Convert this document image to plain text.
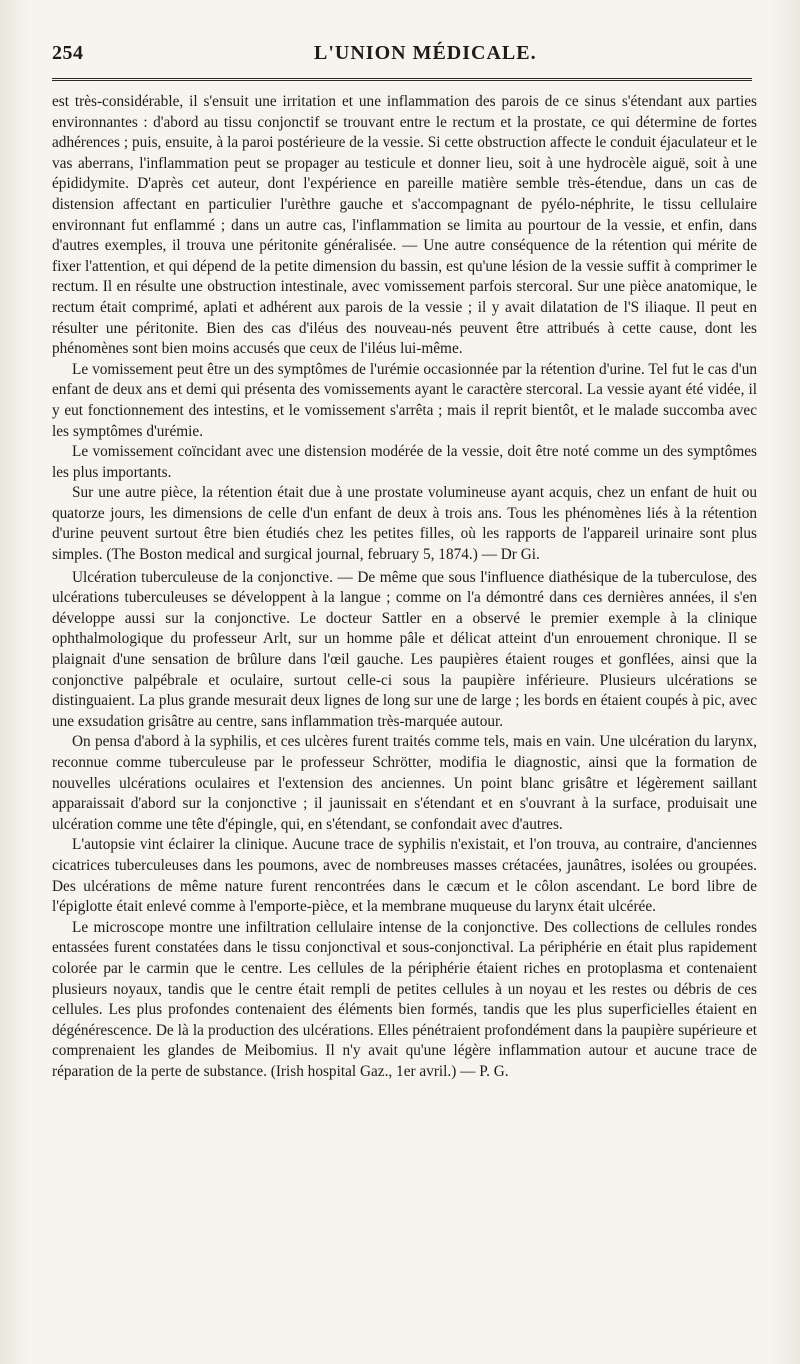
254	L'UNION MÉDICALE.

est très-considérable, il s'ensuit une irritation et une inflammation des parois de ce sinus s'étendant aux parties environnantes : d'abord au tissu conjonctif se trouvant entre le rectum et la prostate, ce qui détermine de fortes adhérences ; puis, ensuite, à la paroi postérieure de la vessie. Si cette obstruction affecte le conduit éjaculateur et le vas aberrans, l'inflammation peut se propager au testicule et donner lieu, soit à une hydrocèle aiguë, soit à une épididymite. D'après cet auteur, dont l'expérience en pareille matière semble très-étendue, dans un cas de distension affectant en particulier l'urèthre gauche et s'accompagnant de pyélo-néphrite, le tissu cellulaire environnant fut enflammé ; dans un autre cas, l'inflammation se limita au pourtour de la vessie, et enfin, dans d'autres exemples, il trouva une péritonite généralisée. — Une autre conséquence de la rétention qui mérite de fixer l'attention, et qui dépend de la petite dimension du bassin, est qu'une lésion de la vessie suffit à comprimer le rectum. Il en résulte une obstruction intestinale, avec vomissement parfois stercoral. Sur une pièce anatomique, le rectum était comprimé, aplati et adhérent aux parois de la vessie ; il y avait dilatation de l'S iliaque. Il peut en résulter une péritonite. Bien des cas d'iléus des nouveau-nés peuvent être attribués à cette cause, dont les phénomènes sont bien moins accusés que ceux de l'iléus lui-même.

Le vomissement peut être un des symptômes de l'urémie occasionnée par la rétention d'urine. Tel fut le cas d'un enfant de deux ans et demi qui présenta des vomissements ayant le caractère stercoral. La vessie ayant été vidée, il y eut fonctionnement des intestins, et le vomissement s'arrêta ; mais il reprit bientôt, et le malade succomba avec les symptômes d'urémie.

Le vomissement coïncidant avec une distension modérée de la vessie, doit être noté comme un des symptômes les plus importants.

Sur une autre pièce, la rétention était due à une prostate volumineuse ayant acquis, chez un enfant de huit ou quatorze jours, les dimensions de celle d'un enfant de deux à trois ans. Tous les phénomènes liés à la rétention d'urine peuvent surtout être bien étudiés chez les petites filles, où les rapports de l'appareil urinaire sont plus simples. (The Boston medical and surgical journal, february 5, 1874.) — Dr Gi.

Ulcération tuberculeuse de la conjonctive. — De même que sous l'influence diathésique de la tuberculose, des ulcérations tuberculeuses se développent à la langue ; comme on l'a démontré dans ces dernières années, il s'en développe aussi sur la conjonctive. Le docteur Sattler en a observé le premier exemple à la clinique ophthalmologique du professeur Arlt, sur un homme pâle et délicat atteint d'un enrouement chronique. Il se plaignait d'une sensation de brûlure dans l'œil gauche. Les paupières étaient rouges et gonflées, ainsi que la conjonctive palpébrale et oculaire, surtout celle-ci sous la paupière inférieure. Plusieurs ulcérations se distinguaient. La plus grande mesurait deux lignes de long sur une de large ; les bords en étaient coupés à pic, avec une exsudation grisâtre au centre, sans inflammation très-marquée autour.

On pensa d'abord à la syphilis, et ces ulcères furent traités comme tels, mais en vain. Une ulcération du larynx, reconnue comme tuberculeuse par le professeur Schrötter, modifia le diagnostic, ainsi que la formation de nouvelles ulcérations oculaires et l'extension des anciennes. Un point blanc grisâtre et légèrement saillant apparaissait d'abord sur la conjonctive ; il jaunissait en s'étendant et en s'ouvrant à la surface, produisait une ulcération comme une tête d'épingle, qui, en s'étendant, se confondait avec d'autres.

L'autopsie vint éclairer la clinique. Aucune trace de syphilis n'existait, et l'on trouva, au contraire, d'anciennes cicatrices tuberculeuses dans les poumons, avec de nombreuses masses crétacées, jaunâtres, isolées ou groupées. Des ulcérations de même nature furent rencontrées dans le cæcum et le côlon ascendant. Le bord libre de l'épiglotte était enlevé comme à l'emporte-pièce, et la membrane muqueuse du larynx était ulcérée.

Le microscope montre une infiltration cellulaire intense de la conjonctive. Des collections de cellules rondes entassées furent constatées dans le tissu conjonctival et sous-conjonctival. La périphérie en était plus rapidement colorée par le carmin que le centre. Les cellules de la périphérie étaient riches en protoplasma et contenaient plusieurs noyaux, tandis que le centre était rempli de petites cellules à un noyau et les restes ou débris de ces cellules. Les plus profondes contenaient des éléments bien formés, tandis que les plus superficielles étaient en dégénérescence. De là la production des ulcérations. Elles pénétraient profondément dans la paupière supérieure et comprenaient les glandes de Meibomius. Il n'y avait qu'une légère inflammation autour et aucune trace de réparation de la perte de substance. (Irish hospital Gaz., 1er avril.) — P. G.
